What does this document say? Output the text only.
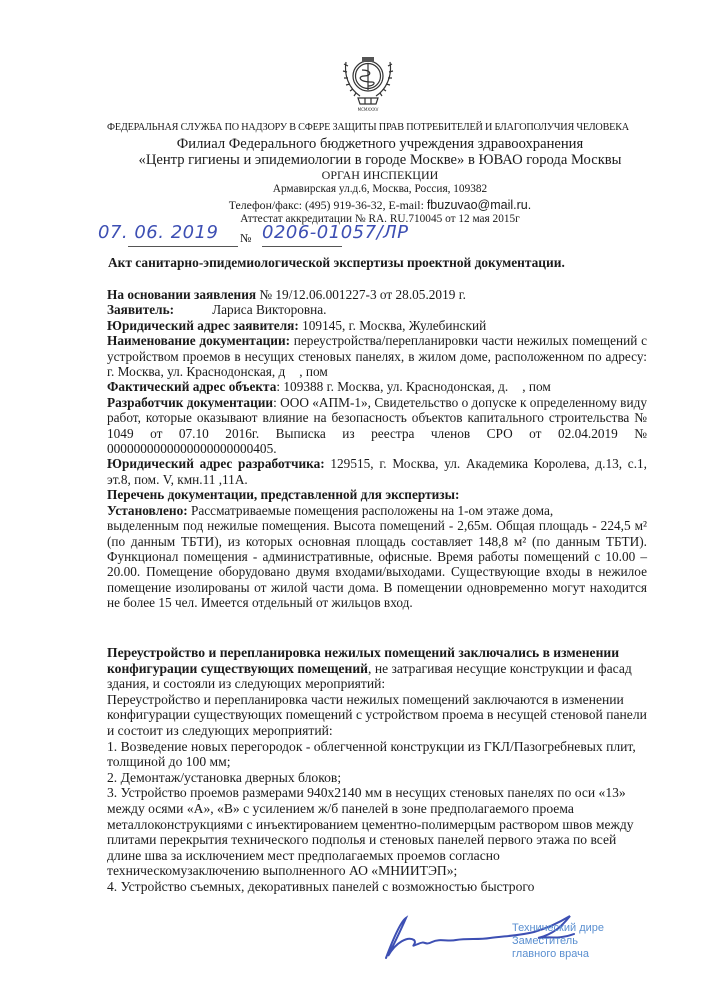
MCMXXXV
ФЕДЕРАЛЬНАЯ СЛУЖБА ПО НАДЗОРУ В СФЕРЕ ЗАЩИТЫ ПРАВ ПОТРЕБИТЕЛЕЙ И БЛАГОПОЛУЧИЯ ЧЕЛОВЕКА
Филиал Федерального бюджетного учреждения здравоохранения
«Центр гигиены и эпидемиологии в городе Москве» в ЮВАО города Москвы
ОРГАН ИНСПЕКЦИИ
Армавирская ул.д.6, Москва, Россия, 109382
Телефон/факс: (495) 919-36-32, E-mail: fbuzuvao@mail.ru.
Аттестат аккредитации № RA. RU.710045 от 12 мая 2015г
07. 06. 2019 № 0206-01057/ЛР
Акт санитарно-эпидемиологической экспертизы проектной документации.

На основании заявления № 19/12.06.001227-3 от 28.05.2019 г.

Заявитель:	Лариса Викторовна.

Юридический адрес заявителя: 109145, г. Москва, Жулебинский

Наименование документации: переустройства/перепланировки части нежилых помещений с устройством проемов в несущих стеновых панелях, в жилом доме, расположенном по адресу: г. Москва, ул. Краснодонская, д , пом

Фактический адрес объекта: 109388 г. Москва, ул. Краснодонская, д. , пом

Разработчик документации: ООО «АПМ-1», Свидетельство о допуске к определенному виду работ, которые оказывают влияние на безопасность объектов капитального строительства № 1049 от 07.10 2016г. Выписка из реестра членов СРО от 02.04.2019 № 0000000000000000000000405.

Юридический адрес разработчика: 129515, г. Москва, ул. Академика Королева, д.13, с.1, эт.8, пом. V, кмн.11 ,11А.

Перечень документации, представленной для экспертизы:

Установлено: Рассматриваемые помещения расположены на 1-ом этаже дома,

выделенным под нежилые помещения. Высота помещений - 2,65м. Общая площадь - 224,5 м² (по данным ТБТИ), из которых основная площадь составляет 148,8 м² (по данным ТБТИ). Функционал помещения - административные, офисные. Время работы помещений с 10.00 – 20.00. Помещение оборудовано двумя входами/выходами. Существующие входы в нежилое помещение изолированы от жилой части дома. В помещении одновременно могут находится не более 15 чел. Имеется отдельный от жильцов вход.

Переустройство и перепланировка нежилых помещений заключались в изменении конфигурации существующих помещений, не затрагивая несущие конструкции и фасад здания, и состояли из следующих мероприятий:

Переустройство и перепланировка части нежилых помещений заключаются в изменении конфигурации существующих помещений с устройством проема в несущей стеновой панели и состоит из следующих мероприятий:

1. Возведение новых перегородок - облегченной конструкции из ГКЛ/Пазогребневых плит, толщиной до 100 мм;

2. Демонтаж/установка дверных блоков;

3. Устройство проемов размерами 940х2140 мм в несущих стеновых панелях по оси «13» между осями «А», «В» с усилением ж/б панелей в зоне предполагаемого проема металлоконструкциями с инъектированием цементно-полимерцым раствором швов между плитами перекрытия технического подполья и стеновых панелей первого этажа по всей длине шва за исключением мест предполагаемых проемов согласно техническомузаключению выполненного АО «МНИИТЭП»;

4. Устройство съемных, декоративных панелей с возможностью быстрого

Технический дире
Заместитель
главного врача
